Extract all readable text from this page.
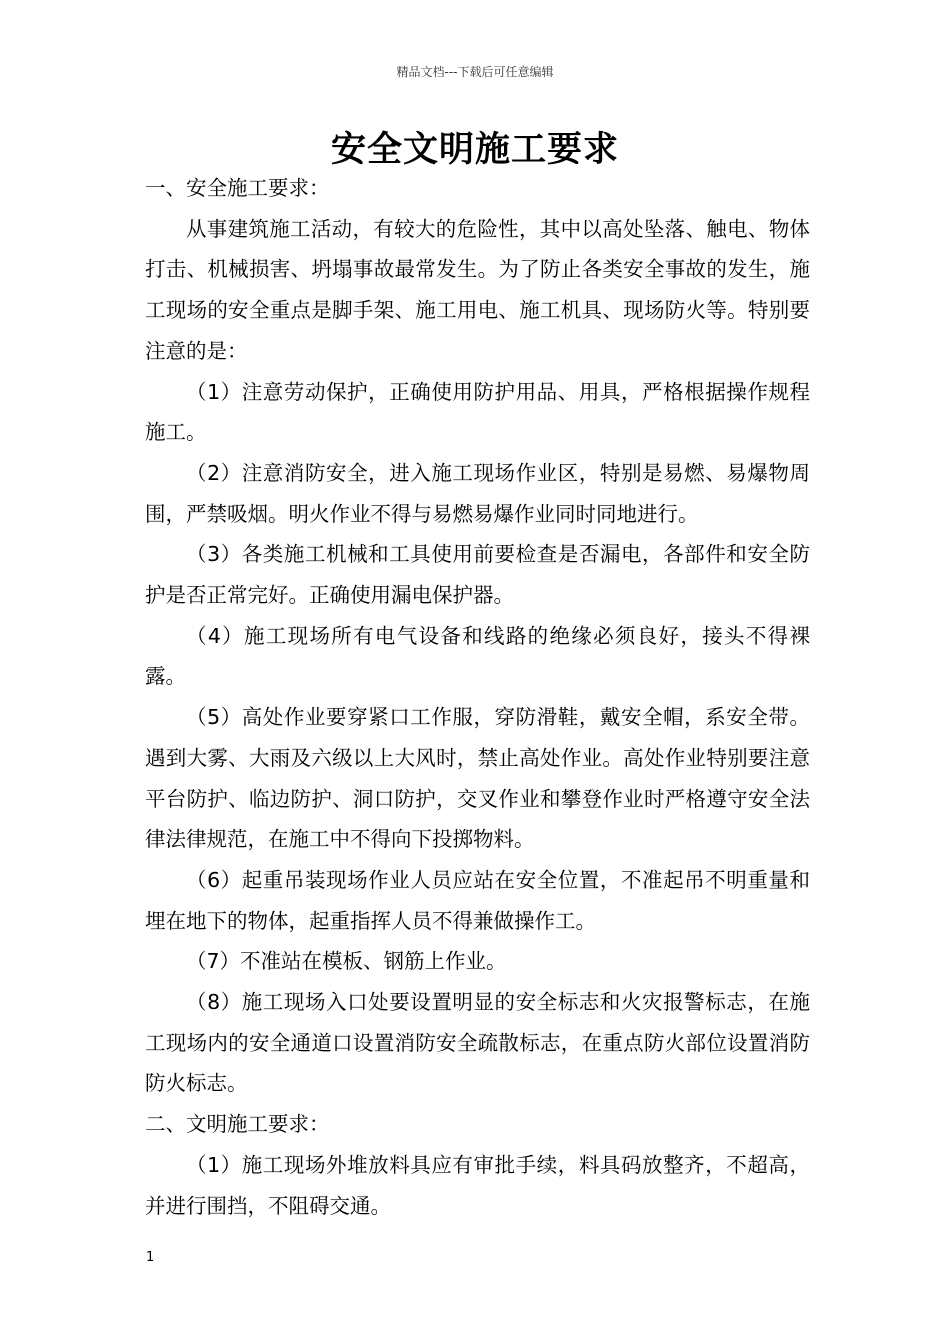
精品文档---下载后可任意编辑
安全文明施工要求

一、安全施工要求：

从事建筑施工活动，有较大的危险性，其中以高处坠落、触电、物体打击、机械损害、坍塌事故最常发生。为了防止各类安全事故的发生，施工现场的安全重点是脚手架、施工用电、施工机具、现场防火等。特别要注意的是：

（1）注意劳动保护，正确使用防护用品、用具，严格根据操作规程施工。

（2）注意消防安全，进入施工现场作业区，特别是易燃、易爆物周围，严禁吸烟。明火作业不得与易燃易爆作业同时同地进行。

（3）各类施工机械和工具使用前要检查是否漏电，各部件和安全防护是否正常完好。正确使用漏电保护器。

（4）施工现场所有电气设备和线路的绝缘必须良好，接头不得裸露。

（5）高处作业要穿紧口工作服，穿防滑鞋，戴安全帽，系安全带。遇到大雾、大雨及六级以上大风时，禁止高处作业。高处作业特别要注意平台防护、临边防护、洞口防护，交叉作业和攀登作业时严格遵守安全法律法律规范，在施工中不得向下投掷物料。

（6）起重吊装现场作业人员应站在安全位置，不准起吊不明重量和埋在地下的物体，起重指挥人员不得兼做操作工。

（7）不准站在模板、钢筋上作业。

（8）施工现场入口处要设置明显的安全标志和火灾报警标志，在施工现场内的安全通道口设置消防安全疏散标志，在重点防火部位设置消防防火标志。

二、文明施工要求：

（1）施工现场外堆放料具应有审批手续，料具码放整齐，不超高，并进行围挡，不阻碍交通。

1
